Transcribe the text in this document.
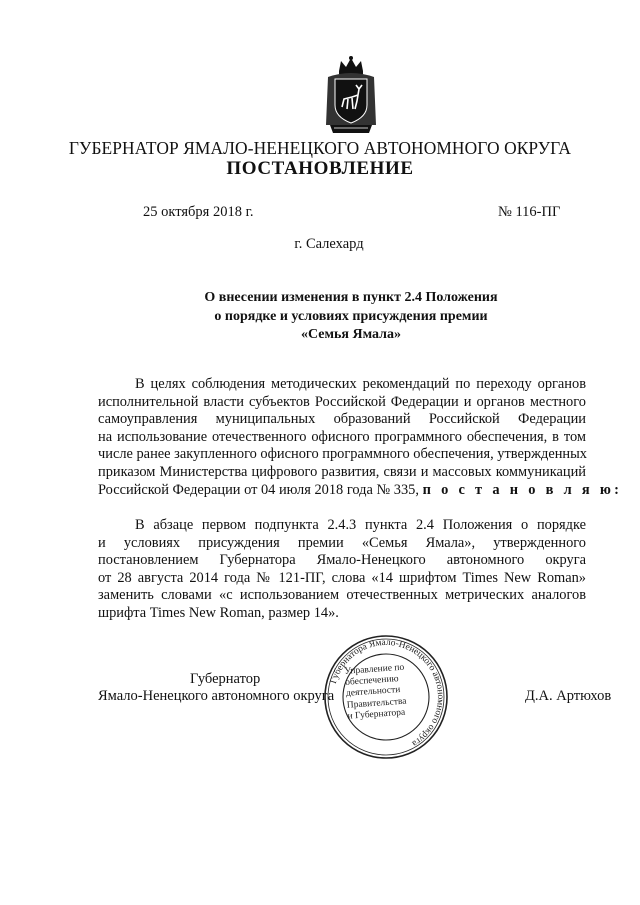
ГУБЕРНАТОР ЯМАЛО-НЕНЕЦКОГО АВТОНОМНОГО ОКРУГА
ПОСТАНОВЛЕНИЕ
25 октября 2018 г.	№ 116-ПГ
г. Салехард
О внесении изменения в пункт 2.4 Положения
о порядке и условиях присуждения премии
«Семья Ямала»
В целях соблюдения методических рекомендаций по переходу органов
исполнительной власти субъектов Российской Федерации и органов местного
самоуправления муниципальных образований Российской Федерации
на использование отечественного офисного программного обеспечения, в том
числе ранее закупленного офисного программного обеспечения, утвержденных
приказом Министерства цифрового развития, связи и массовых коммуникаций
Российской Федерации от 04 июля 2018 года № 335, п о с т а н о в л я ю:
В абзаце первом подпункта 2.4.3 пункта 2.4 Положения о порядке
и условиях присуждения премии «Семья Ямала», утвержденного
постановлением Губернатора Ямало-Ненецкого автономного округа
от 28 августа 2014 года № 121-ПГ, слова «14 шрифтом Times New Roman»
заменить словами «с использованием отечественных метрических аналогов
шрифта Times New Roman, размер 14».
Губернатор
Ямало-Ненецкого автономного округа	Д.А. Артюхов
Губернатора Ямало-Ненецкого автономного округа
Управление по
обеспечению
деятельности
Правительства
и Губернатора
